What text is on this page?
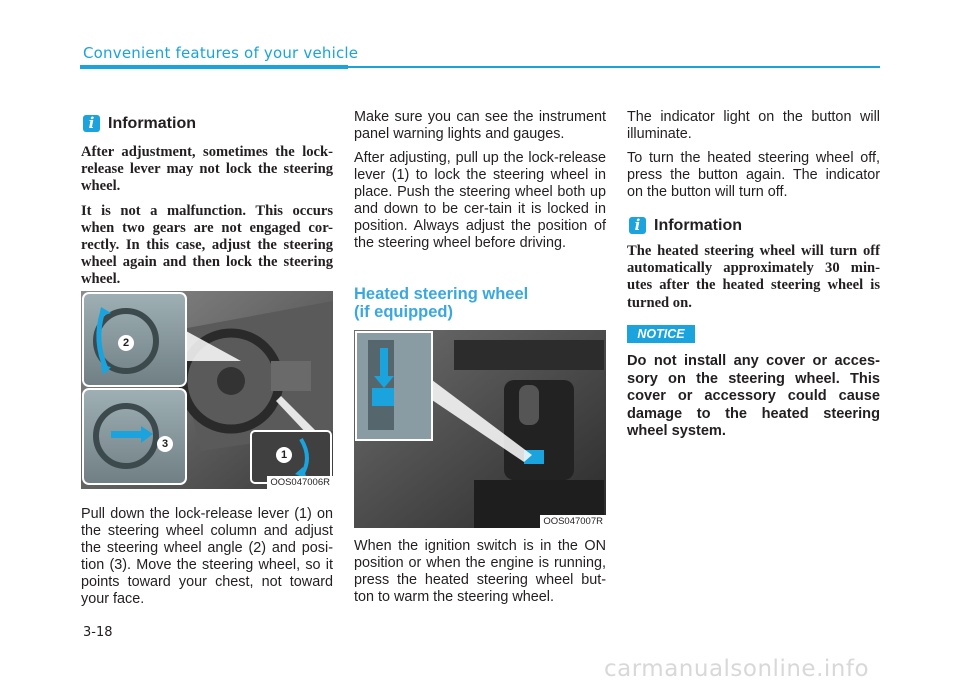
Convenient features of your vehicle
i Information

After adjustment, sometimes the lock-release lever may not lock the steering wheel.

It is not a malfunction. This occurs when two gears are not engaged cor-rectly. In this case, adjust the steering wheel again and then lock the steering wheel.

2
3
1
OOS047006R
Pull down the lock-release lever (1) on the steering wheel column and adjust the steering wheel angle (2) and posi-tion (3). Move the steering wheel, so it points toward your chest, not toward your face.

Make sure you can see the instrument panel warning lights and gauges.

After adjusting, pull up the lock-release lever (1) to lock the steering wheel in place. Push the steering wheel both up and down to be cer-tain it is locked in position. Always adjust the position of the steering wheel before driving.

Heated steering wheel
(if equipped)
OOS047007R
When the ignition switch is in the ON position or when the engine is running, press the heated steering wheel but-ton to warm the steering wheel.

The indicator light on the button will illuminate.

To turn the heated steering wheel off, press the button again. The indicator on the button will turn off.

i Information
The heated steering wheel will turn off automatically approximately 30 min-utes after the heated steering wheel is turned on.
NOTICE
Do not install any cover or acces-sory on the steering wheel. This cover or accessory could cause damage to the heated steering wheel system.
3-18
carmanualsonline.info
